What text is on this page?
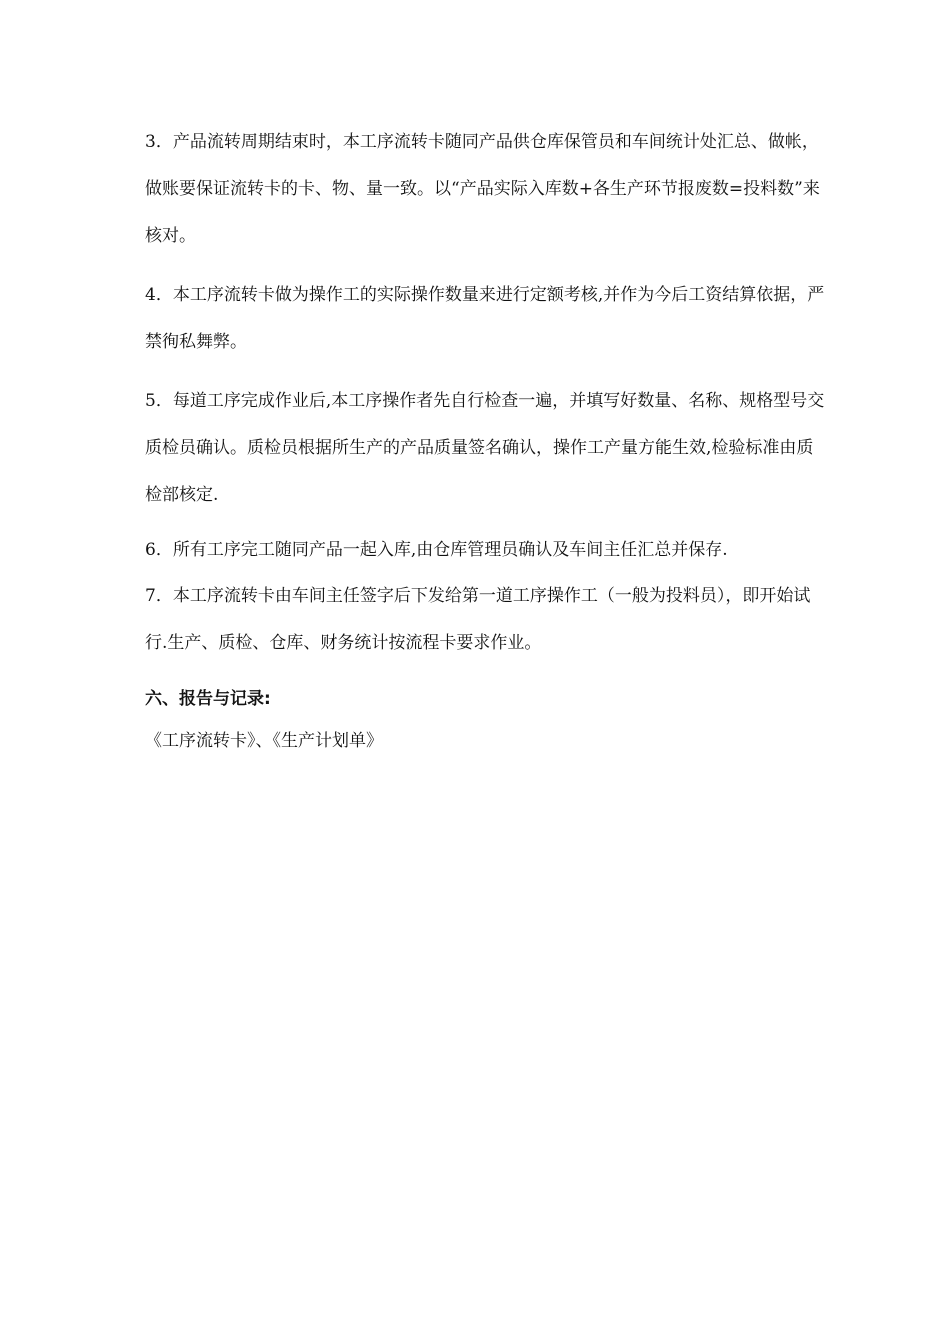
3．产品流转周期结束时，本工序流转卡随同产品供仓库保管员和车间统计处汇总、做帐，做账要保证流转卡的卡、物、量一致。以“产品实际入库数+各生产环节报废数=投料数”来核对。

4．本工序流转卡做为操作工的实际操作数量来进行定额考核,并作为今后工资结算依据，严禁徇私舞弊。

5．每道工序完成作业后,本工序操作者先自行检查一遍，并填写好数量、名称、规格型号交质检员确认。质检员根据所生产的产品质量签名确认，操作工产量方能生效,检验标准由质检部核定.

6．所有工序完工随同产品一起入库,由仓库管理员确认及车间主任汇总并保存.

7．本工序流转卡由车间主任签字后下发给第一道工序操作工（一般为投料员），即开始试行.生产、质检、仓库、财务统计按流程卡要求作业。

六、报告与记录:

《工序流转卡》、《生产计划单》
